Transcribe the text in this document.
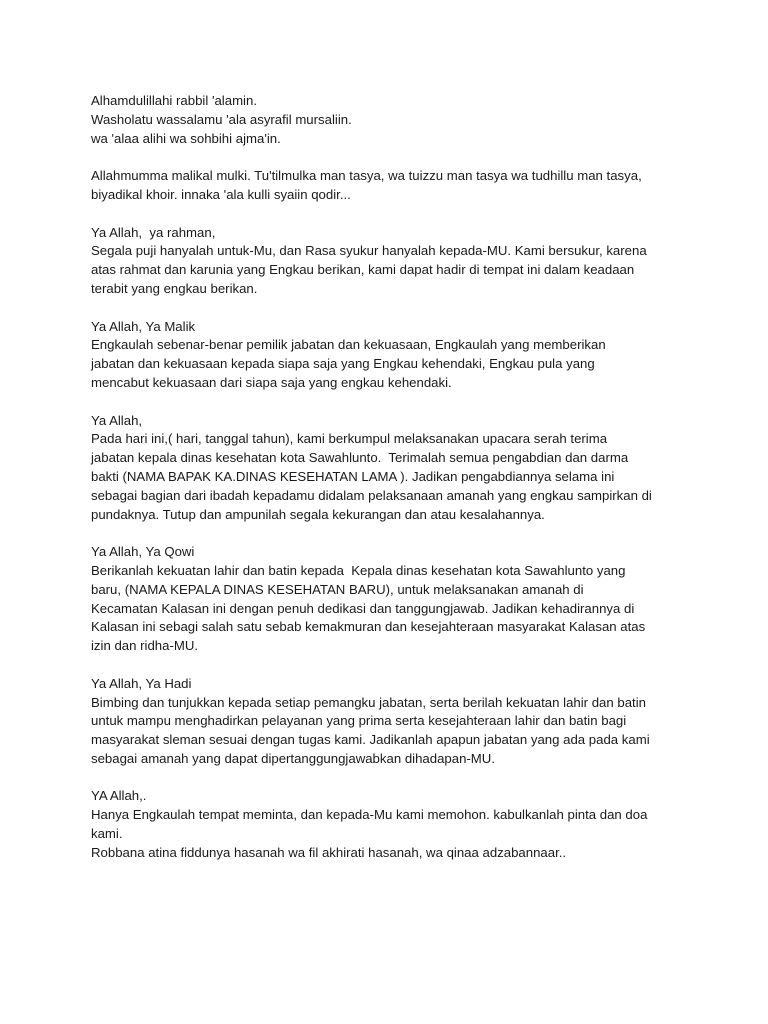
Alhamdulillahi rabbil 'alamin.
Washolatu wassalamu 'ala asyrafil mursaliin.
wa 'alaa alihi wa sohbihi ajma'in.
Allahmumma malikal mulki. Tu'tilmulka man tasya, wa tuizzu man tasya wa tudhillu man tasya,
biyadikal khoir. innaka 'ala kulli syaiin qodir...
Ya Allah,  ya rahman,
Segala puji hanyalah untuk-Mu, dan Rasa syukur hanyalah kepada-MU. Kami bersukur, karena
atas rahmat dan karunia yang Engkau berikan, kami dapat hadir di tempat ini dalam keadaan
terabit yang engkau berikan.
Ya Allah, Ya Malik
Engkaulah sebenar-benar pemilik jabatan dan kekuasaan, Engkaulah yang memberikan
jabatan dan kekuasaan kepada siapa saja yang Engkau kehendaki, Engkau pula yang
mencabut kekuasaan dari siapa saja yang engkau kehendaki.
Ya Allah,
Pada hari ini,( hari, tanggal tahun), kami berkumpul melaksanakan upacara serah terima
jabatan kepala dinas kesehatan kota Sawahlunto.  Terimalah semua pengabdian dan darma
bakti (NAMA BAPAK KA.DINAS KESEHATAN LAMA ). Jadikan pengabdiannya selama ini
sebagai bagian dari ibadah kepadamu didalam pelaksanaan amanah yang engkau sampirkan di
pundaknya. Tutup dan ampunilah segala kekurangan dan atau kesalahannya.
Ya Allah, Ya Qowi
Berikanlah kekuatan lahir dan batin kepada  Kepala dinas kesehatan kota Sawahlunto yang
baru, (NAMA KEPALA DINAS KESEHATAN BARU), untuk melaksanakan amanah di
Kecamatan Kalasan ini dengan penuh dedikasi dan tanggungjawab. Jadikan kehadirannya di
Kalasan ini sebagi salah satu sebab kemakmuran dan kesejahteraan masyarakat Kalasan atas
izin dan ridha-MU.
Ya Allah, Ya Hadi
Bimbing dan tunjukkan kepada setiap pemangku jabatan, serta berilah kekuatan lahir dan batin
untuk mampu menghadirkan pelayanan yang prima serta kesejahteraan lahir dan batin bagi
masyarakat sleman sesuai dengan tugas kami. Jadikanlah apapun jabatan yang ada pada kami
sebagai amanah yang dapat dipertanggungjawabkan dihadapan-MU.
YA Allah,.
Hanya Engkaulah tempat meminta, dan kepada-Mu kami memohon. kabulkanlah pinta dan doa
kami.
Robbana atina fiddunya hasanah wa fil akhirati hasanah, wa qinaa adzabannaar..
